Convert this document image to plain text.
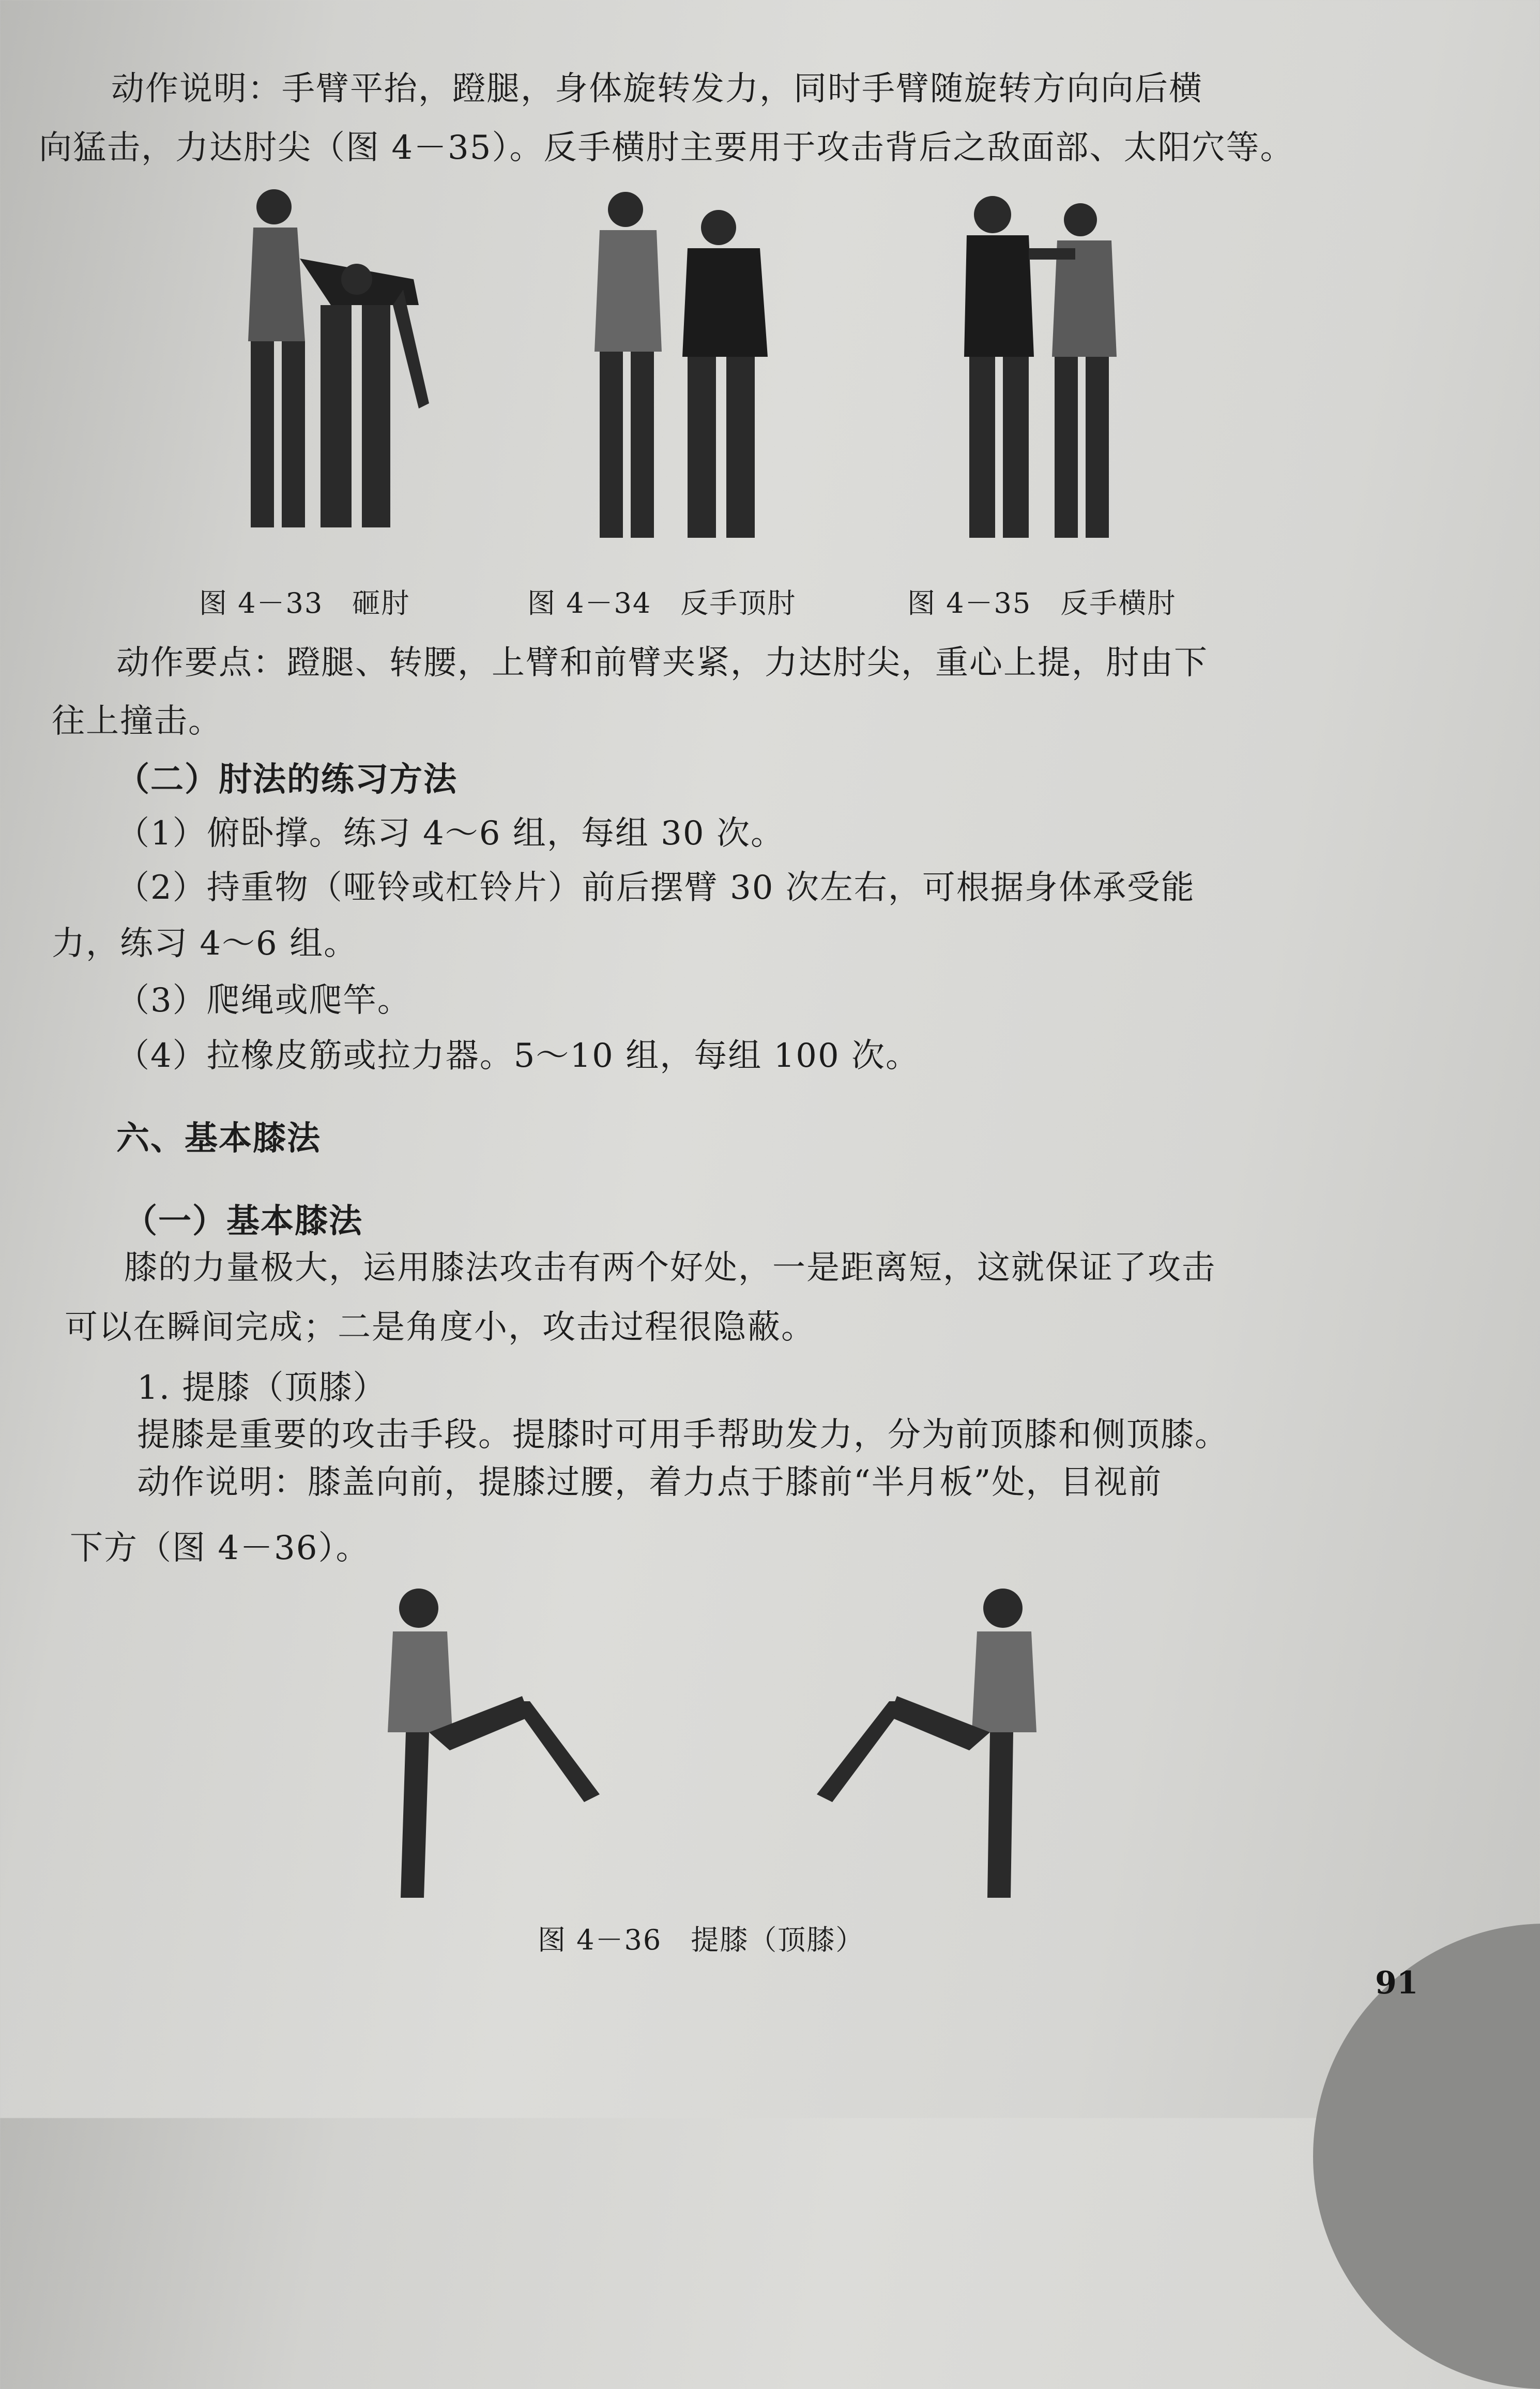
动作说明：手臂平抬，蹬腿，身体旋转发力，同时手臂随旋转方向向后横
向猛击，力达肘尖（图 4－35）。反手横肘主要用于攻击背后之敌面部、太阳穴等。
图 4－33　砸肘	图 4－34　反手顶肘	图 4－35　反手横肘
动作要点：蹬腿、转腰，上臂和前臂夹紧，力达肘尖，重心上提，肘由下
往上撞击。
（二）肘法的练习方法
（1）俯卧撑。练习 4～6 组，每组 30 次。
（2）持重物（哑铃或杠铃片）前后摆臂 30 次左右，可根据身体承受能
力，练习 4～6 组。
（3）爬绳或爬竿。
（4）拉橡皮筋或拉力器。5～10 组，每组 100 次。
六、基本膝法
（一）基本膝法
膝的力量极大，运用膝法攻击有两个好处，一是距离短，这就保证了攻击
可以在瞬间完成；二是角度小，攻击过程很隐蔽。
1. 提膝（顶膝）
提膝是重要的攻击手段。提膝时可用手帮助发力，分为前顶膝和侧顶膝。
动作说明：膝盖向前，提膝过腰，着力点于膝前“半月板”处，目视前
下方（图 4－36）。
图 4－36　提膝（顶膝）
91
